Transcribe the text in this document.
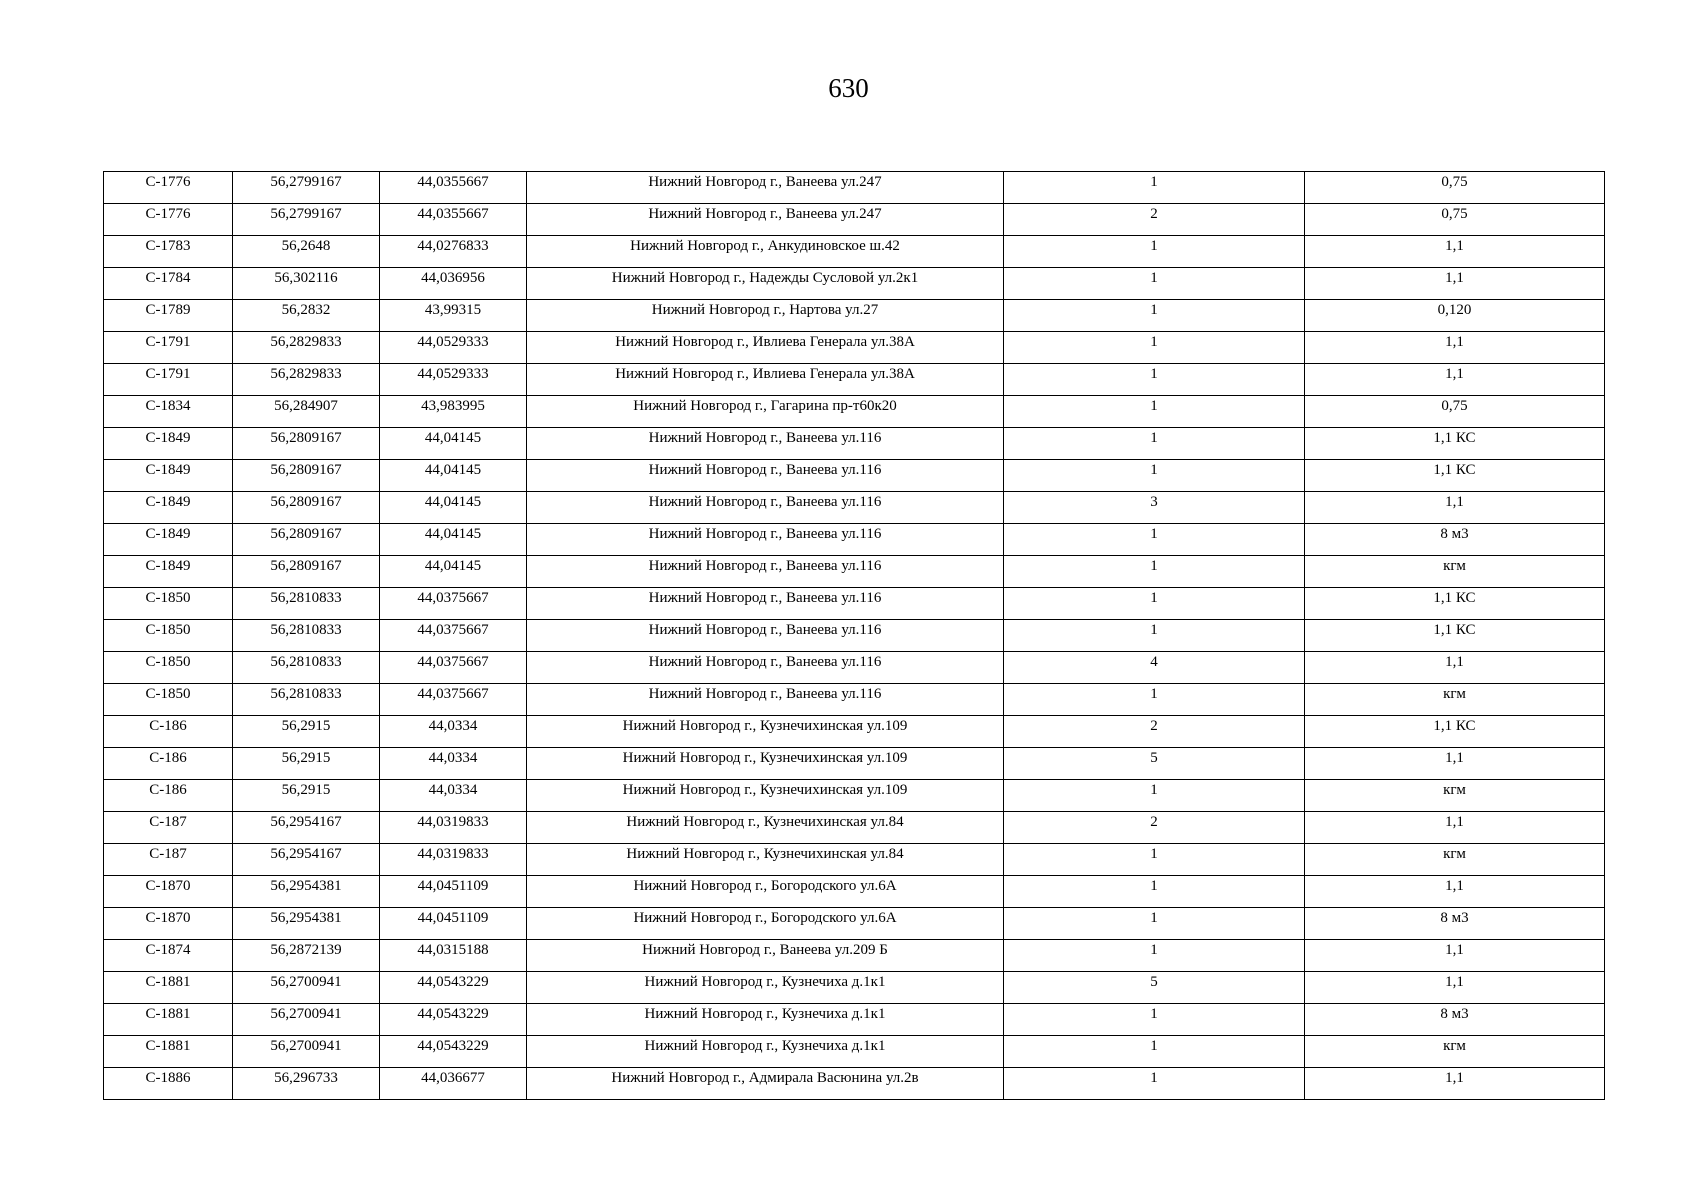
630
С-1776	56,2799167	44,0355667	Нижний Новгород г., Ванеева ул.247	1	0,75
С-1776	56,2799167	44,0355667	Нижний Новгород г., Ванеева ул.247	2	0,75
С-1783	56,2648	44,0276833	Нижний Новгород г., Анкудиновское ш.42	1	1,1
С-1784	56,302116	44,036956	Нижний Новгород г., Надежды Сусловой ул.2к1	1	1,1
С-1789	56,2832	43,99315	Нижний Новгород г., Нартова ул.27	1	0,120
С-1791	56,2829833	44,0529333	Нижний Новгород г., Ивлиева Генерала ул.38А	1	1,1
С-1791	56,2829833	44,0529333	Нижний Новгород г., Ивлиева Генерала ул.38А	1	1,1
С-1834	56,284907	43,983995	Нижний Новгород г., Гагарина пр-т60к20	1	0,75
С-1849	56,2809167	44,04145	Нижний Новгород г., Ванеева ул.116	1	1,1 КС
С-1849	56,2809167	44,04145	Нижний Новгород г., Ванеева ул.116	1	1,1 КС
С-1849	56,2809167	44,04145	Нижний Новгород г., Ванеева ул.116	3	1,1
С-1849	56,2809167	44,04145	Нижний Новгород г., Ванеева ул.116	1	8 м3
С-1849	56,2809167	44,04145	Нижний Новгород г., Ванеева ул.116	1	кгм
С-1850	56,2810833	44,0375667	Нижний Новгород г., Ванеева ул.116	1	1,1 КС
С-1850	56,2810833	44,0375667	Нижний Новгород г., Ванеева ул.116	1	1,1 КС
С-1850	56,2810833	44,0375667	Нижний Новгород г., Ванеева ул.116	4	1,1
С-1850	56,2810833	44,0375667	Нижний Новгород г., Ванеева ул.116	1	кгм
С-186	56,2915	44,0334	Нижний Новгород г., Кузнечихинская ул.109	2	1,1 КС
С-186	56,2915	44,0334	Нижний Новгород г., Кузнечихинская ул.109	5	1,1
С-186	56,2915	44,0334	Нижний Новгород г., Кузнечихинская ул.109	1	кгм
С-187	56,2954167	44,0319833	Нижний Новгород г., Кузнечихинская ул.84	2	1,1
С-187	56,2954167	44,0319833	Нижний Новгород г., Кузнечихинская ул.84	1	кгм
С-1870	56,2954381	44,0451109	Нижний Новгород г., Богородского ул.6А	1	1,1
С-1870	56,2954381	44,0451109	Нижний Новгород г., Богородского ул.6А	1	8 м3
С-1874	56,2872139	44,0315188	Нижний Новгород г., Ванеева ул.209 Б	1	1,1
С-1881	56,2700941	44,0543229	Нижний Новгород г., Кузнечиха д.1к1	5	1,1
С-1881	56,2700941	44,0543229	Нижний Новгород г., Кузнечиха д.1к1	1	8 м3
С-1881	56,2700941	44,0543229	Нижний Новгород г., Кузнечиха д.1к1	1	кгм
С-1886	56,296733	44,036677	Нижний Новгород г., Адмирала Васюнина ул.2в	1	1,1
